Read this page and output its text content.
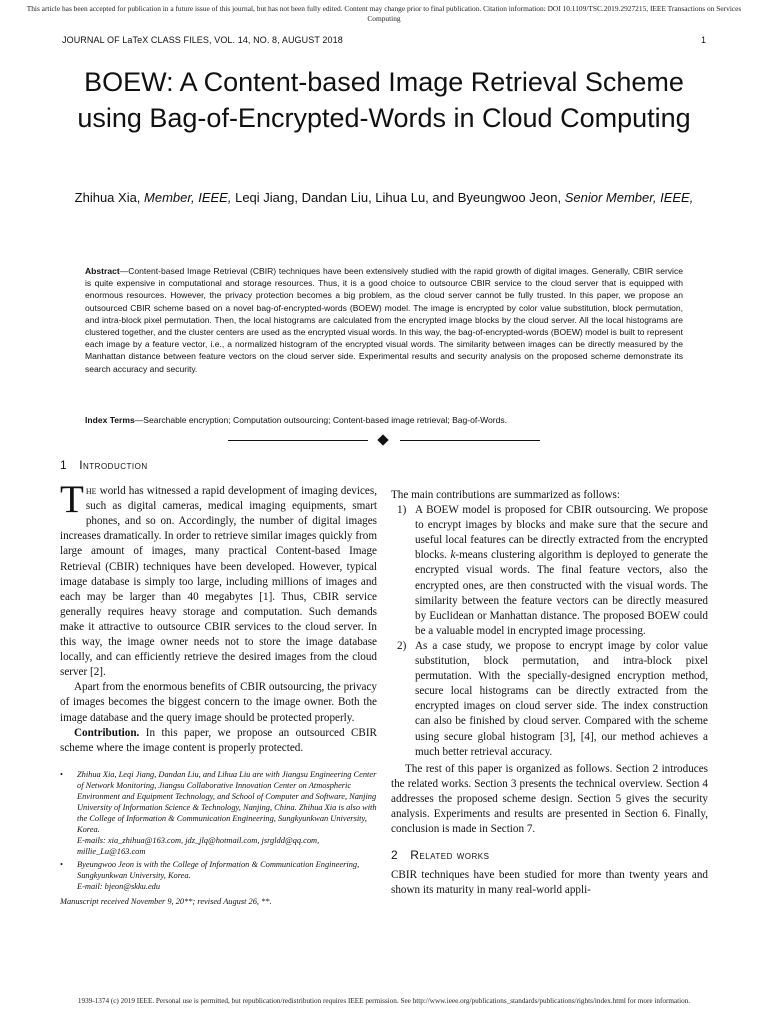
This article has been accepted for publication in a future issue of this journal, but has not been fully edited. Content may change prior to final publication. Citation information: DOI 10.1109/TSC.2019.2927215, IEEE Transactions on Services Computing
JOURNAL OF LaTeX CLASS FILES, VOL. 14, NO. 8, AUGUST 2018	1
BOEW: A Content-based Image Retrieval Scheme using Bag-of-Encrypted-Words in Cloud Computing
Zhihua Xia, Member, IEEE, Leqi Jiang, Dandan Liu, Lihua Lu, and Byeungwoo Jeon, Senior Member, IEEE,
Abstract—Content-based Image Retrieval (CBIR) techniques have been extensively studied with the rapid growth of digital images. Generally, CBIR service is quite expensive in computational and storage resources. Thus, it is a good choice to outsource CBIR service to the cloud server that is equipped with enormous resources. However, the privacy protection becomes a big problem, as the cloud server cannot be fully trusted. In this paper, we propose an outsourced CBIR scheme based on a novel bag-of-encrypted-words (BOEW) model. The image is encrypted by color value substitution, block permutation, and intra-block pixel permutation. Then, the local histograms are calculated from the encrypted image blocks by the cloud server. All the local histograms are clustered together, and the cluster centers are used as the encrypted visual words. In this way, the bag-of-encrypted-words (BOEW) model is built to represent each image by a feature vector, i.e., a normalized histogram of the encrypted visual words. The similarity between images can be directly measured by the Manhattan distance between feature vectors on the cloud server side. Experimental results and security analysis on the proposed scheme demonstrate its search accuracy and security.
Index Terms—Searchable encryption; Computation outsourcing; Content-based image retrieval; Bag-of-Words.
1 Introduction

The world has witnessed a rapid development of imaging devices, such as digital cameras, medical imaging equipments, smart phones, and so on. Accordingly, the number of digital images increases dramatically. In order to retrieve similar images quickly from large amount of images, many practical Content-based Image Retrieval (CBIR) techniques have been developed. However, typical image database is simply too large, including millions of images and each may be larger than 40 megabytes [1]. Thus, CBIR service generally requires heavy storage and computation. Such demands make it attractive to outsource CBIR services to the cloud server. In this way, the image owner needs not to store the image database locally, and can efficiently retrieve the desired images from the cloud server [2].

Apart from the enormous benefits of CBIR outsourcing, the privacy of images becomes the biggest concern to the image owner. Both the image database and the query image should be protected properly.

Contribution. In this paper, we propose an outsourced CBIR scheme where the image content is properly protected.

• Zhihua Xia, Leqi Jiang, Dandan Liu, and Lihua Liu are with Jiangsu Engineering Center of Network Monitoring, Jiangsu Collaborative Innovation Center on Atmospheric Environment and Equipment Technology, and School of Computer and Software, Nanjing University of Information Science & Technology, Nanjing, China. Zhihua Xia is also with the College of Information & Communication Engineering, Sungkyunkwan University, Korea.
E-mails: xia_zhihua@163.com, jdz_jlq@hotmail.com, jsrgldd@qq.com, millie_Lu@163.com
• Byeungwoo Jeon is with the College of Information & Communication Engineering, Sungkyunkwan University, Korea.
E-mail: bjeon@skku.edu
Manuscript received November 9, 20**; revised August 26, **.

The main contributions are summarized as follows:

1) A BOEW model is proposed for CBIR outsourcing. We propose to encrypt images by blocks and make sure that the secure and useful local features can be directly extracted from the encrypted blocks. k-means clustering algorithm is deployed to generate the encrypted visual words. The final feature vectors, also the encrypted ones, are then constructed with the visual words. The similarity between the feature vectors can be directly measured by Euclidean or Manhattan distance. The proposed BOEW could be a valuable model in encrypted image processing.
2) As a case study, we propose to encrypt image by color value substitution, block permutation, and intra-block pixel permutation. With the specially-designed encryption method, secure local histograms can be directly extracted from the encrypted images on cloud server side. The index construction can also be finished by cloud server. Compared with the scheme using secure global histogram [3], [4], our method achieves a much better retrieval accuracy.

The rest of this paper is organized as follows. Section 2 introduces the related works. Section 3 presents the technical overview. Section 4 addresses the proposed scheme design. Section 5 gives the security analysis. Experiments and results are presented in Section 6. Finally, conclusion is made in Section 7.

2 Related works

CBIR techniques have been studied for more than twenty years and shown its maturity in many real-world appli-

1939-1374 (c) 2019 IEEE. Personal use is permitted, but republication/redistribution requires IEEE permission. See http://www.ieee.org/publications_standards/publications/rights/index.html for more information.
